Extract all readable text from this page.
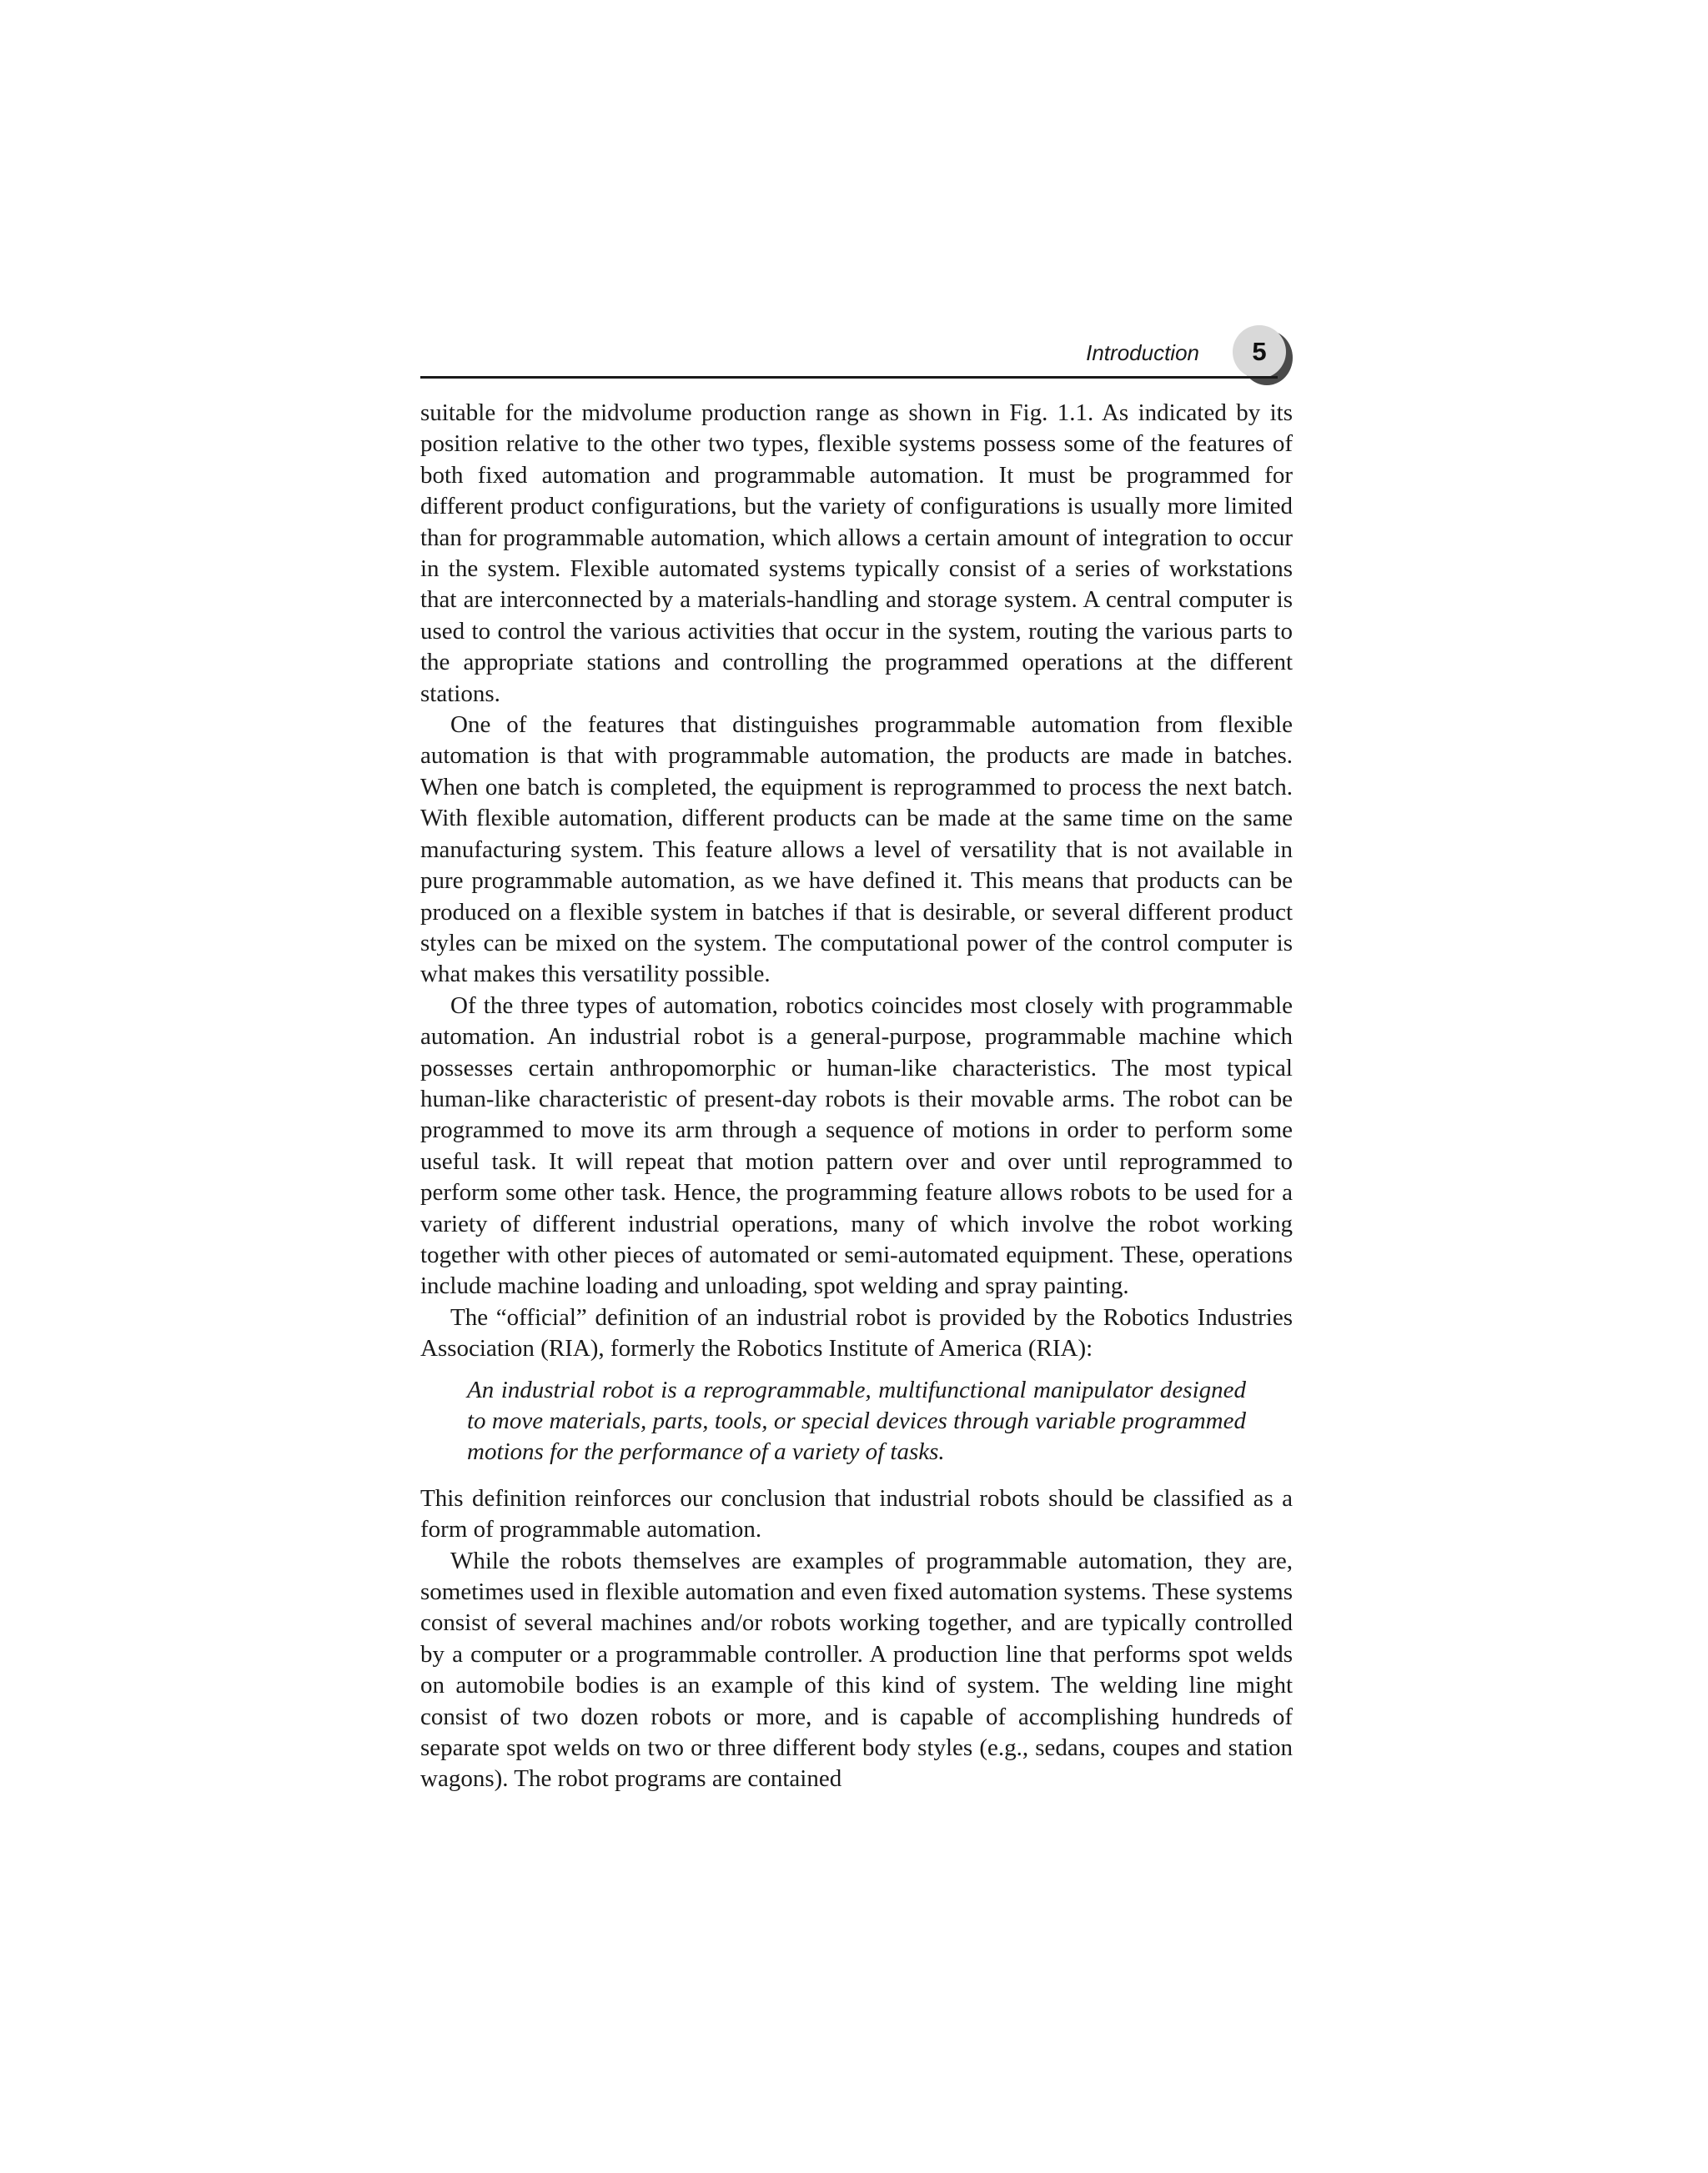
Introduction	5

suitable for the midvolume production range as shown in Fig. 1.1. As indicated by its position relative to the other two types, flexible systems possess some of the features of both fixed automation and programmable automation. It must be programmed for different product configurations, but the variety of configurations is usually more limited than for programmable automation, which allows a certain amount of integration to occur in the system. Flexible automated systems typically consist of a series of workstations that are interconnected by a materials-handling and storage system. A central computer is used to control the various activities that occur in the system, routing the various parts to the appropriate stations and controlling the programmed operations at the different stations.

One of the features that distinguishes programmable automation from flexible automation is that with programmable automation, the products are made in batches. When one batch is completed, the equipment is reprogrammed to process the next batch. With flexible automation, different products can be made at the same time on the same manufacturing system. This feature allows a level of versatility that is not available in pure programmable automation, as we have defined it. This means that products can be produced on a flexible system in batches if that is desirable, or several different product styles can be mixed on the system. The computational power of the control computer is what makes this versatility possible.

Of the three types of automation, robotics coincides most closely with programmable automation. An industrial robot is a general-purpose, programmable machine which possesses certain anthropomorphic or human-like characteristics. The most typical human-like characteristic of present-day robots is their movable arms. The robot can be programmed to move its arm through a sequence of motions in order to perform some useful task. It will repeat that motion pattern over and over until reprogrammed to perform some other task. Hence, the programming feature allows robots to be used for a variety of different industrial operations, many of which involve the robot working together with other pieces of automated or semi-automated equipment. These, operations include machine loading and unloading, spot welding and spray painting.

The “official” definition of an industrial robot is provided by the Robotics Industries Association (RIA), formerly the Robotics Institute of America (RIA):

An industrial robot is a reprogrammable, multifunctional manipulator designed to move materials, parts, tools, or special devices through variable programmed motions for the performance of a variety of tasks.

This definition reinforces our conclusion that industrial robots should be classified as a form of programmable automation.

While the robots themselves are examples of programmable automation, they are, sometimes used in flexible automation and even fixed automation systems. These systems consist of several machines and/or robots working together, and are typically controlled by a computer or a programmable controller. A production line that performs spot welds on automobile bodies is an example of this kind of system. The welding line might consist of two dozen robots or more, and is capable of accomplishing hundreds of separate spot welds on two or three different body styles (e.g., sedans, coupes and station wagons). The robot programs are contained
